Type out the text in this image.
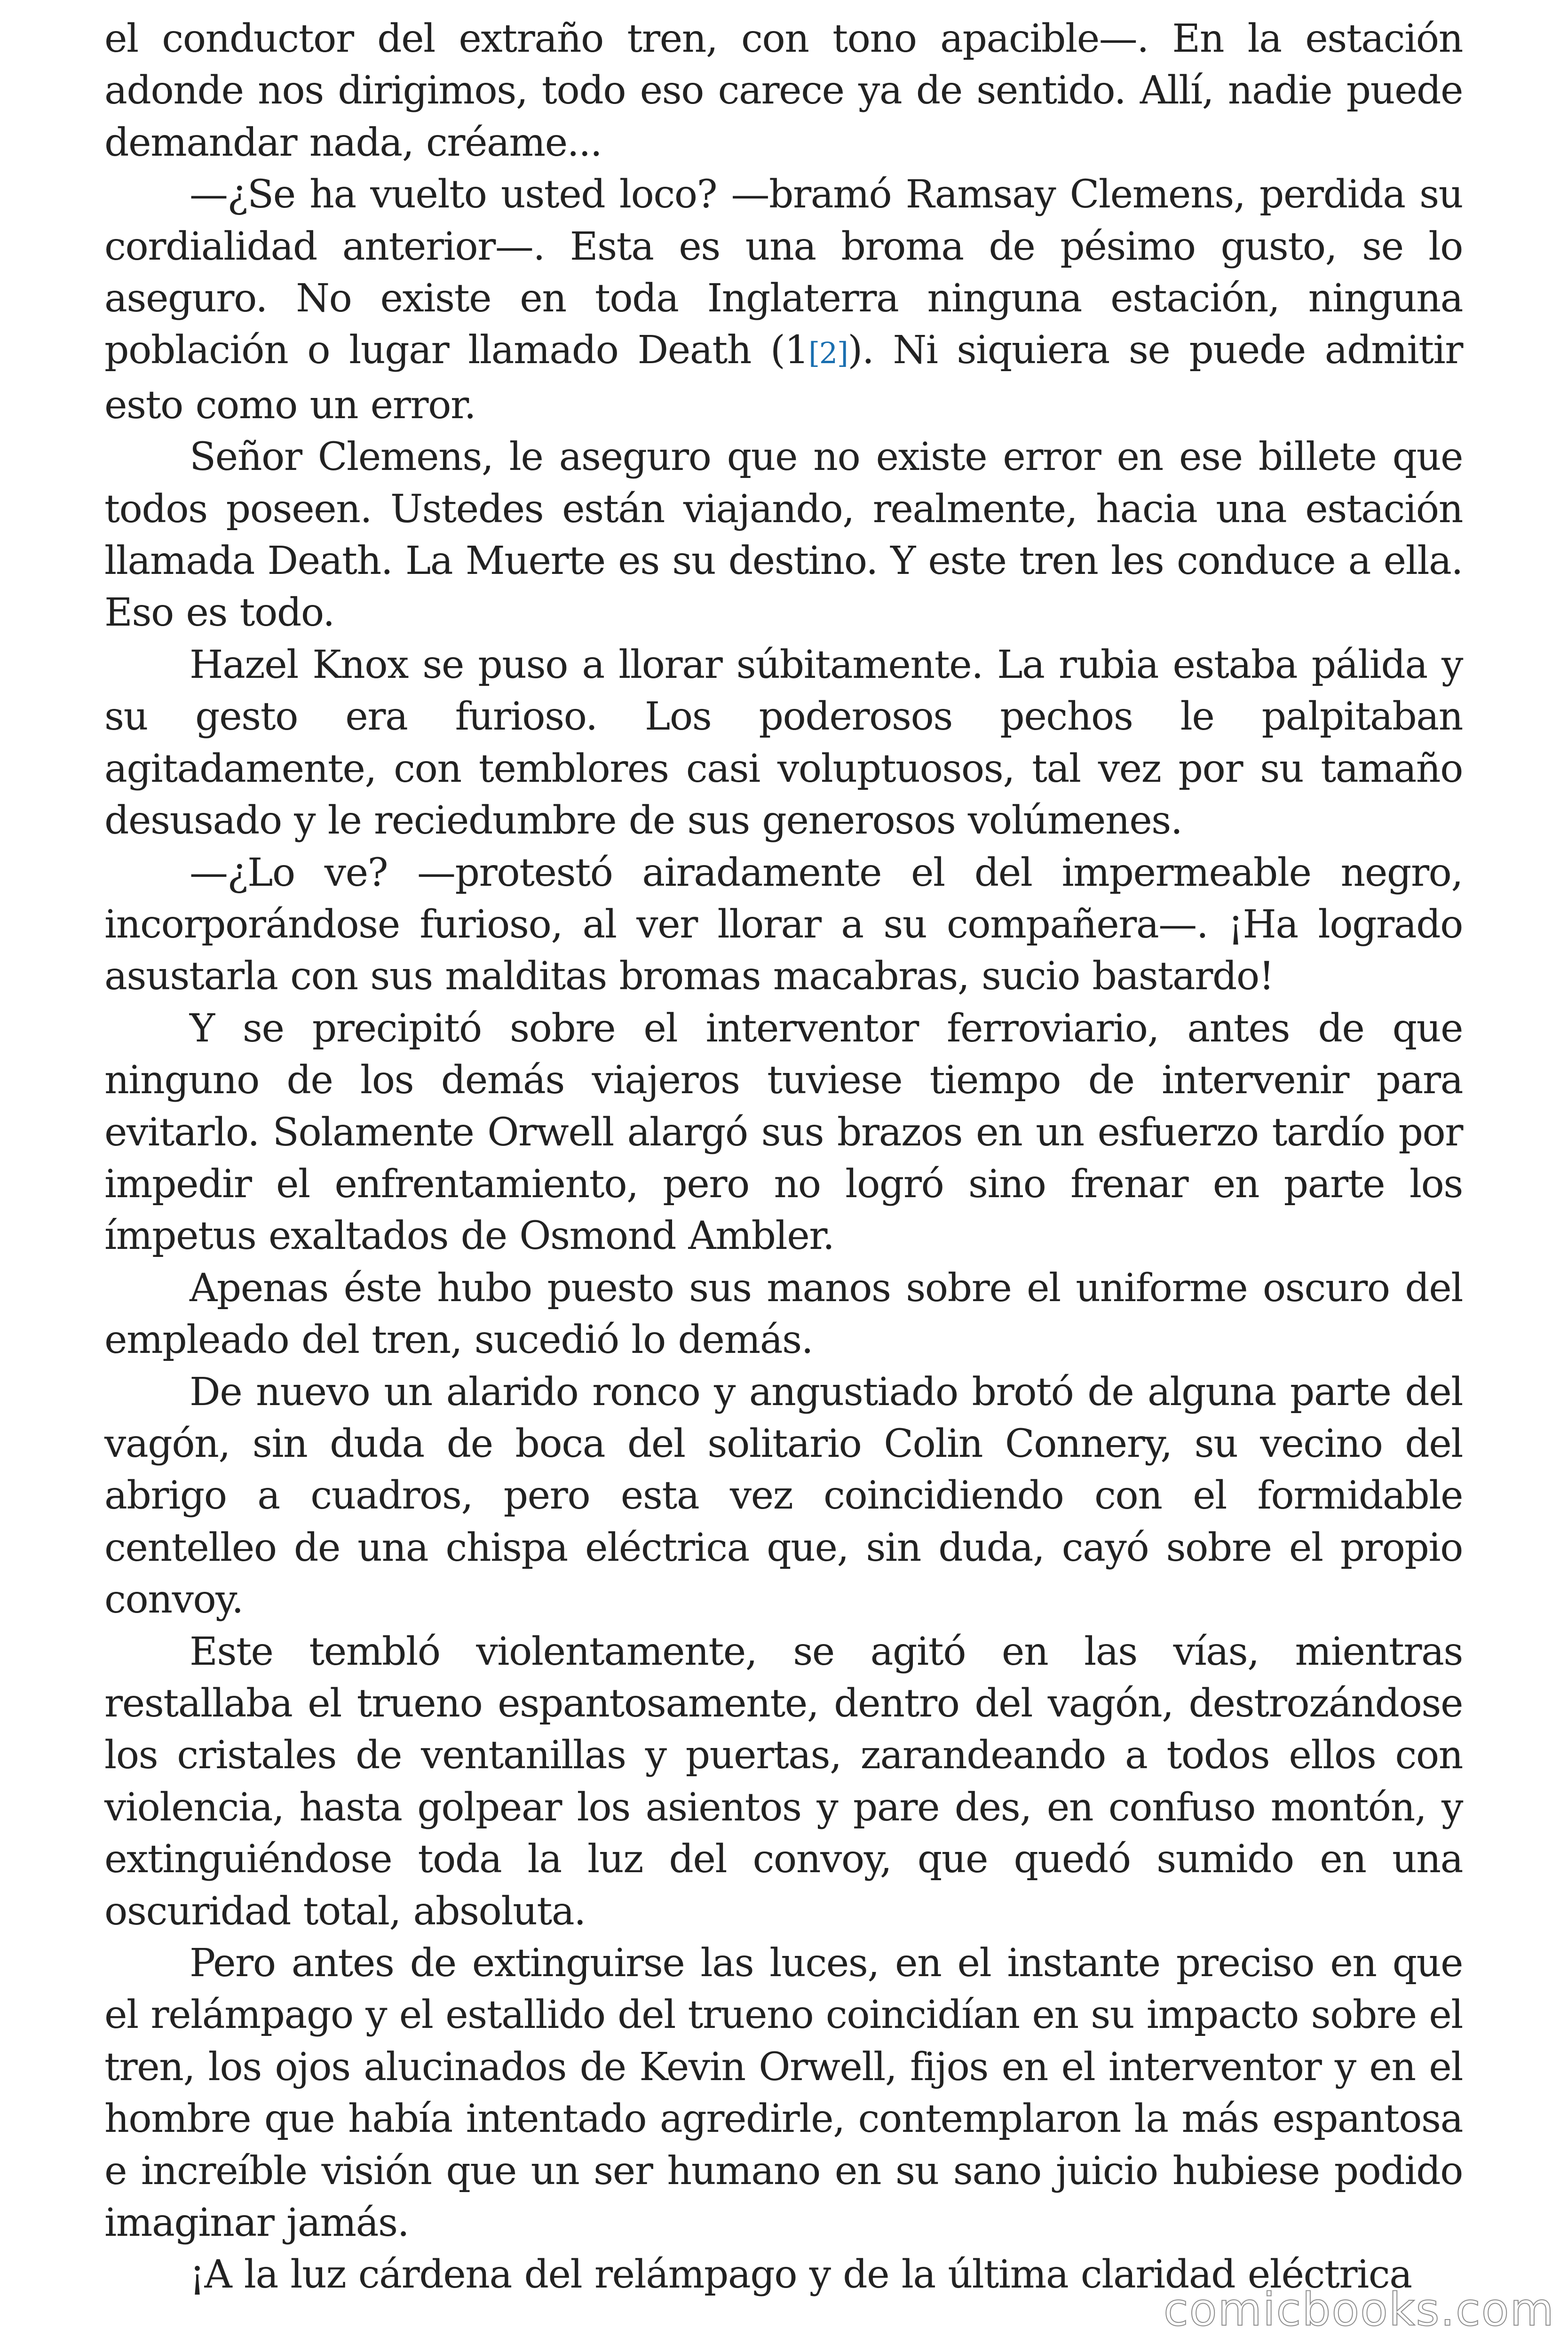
el conductor del extraño tren, con tono apacible—. En la estación adonde nos dirigimos, todo eso carece ya de sentido. Allí, nadie puede demandar nada, créame...

—¿Se ha vuelto usted loco? —bramó Ramsay Clemens, perdida su cordialidad anterior—. Esta es una broma de pésimo gusto, se lo aseguro. No existe en toda Inglaterra ninguna estación, ninguna población o lugar llamado Death (1[2]). Ni siquiera se puede admitir esto como un error.

Señor Clemens, le aseguro que no existe error en ese billete que todos poseen. Ustedes están viajando, realmente, hacia una estación llamada Death. La Muerte es su destino. Y este tren les conduce a ella. Eso es todo.

Hazel Knox se puso a llorar súbitamente. La rubia estaba pálida y su gesto era furioso. Los poderosos pechos le palpitaban agitadamente, con temblores casi voluptuosos, tal vez por su tamaño desusado y le reciedumbre de sus generosos volúmenes.

—¿Lo ve? —protestó airadamente el del impermeable negro, incorporándose furioso, al ver llorar a su compañera—. ¡Ha logrado asustarla con sus malditas bromas macabras, sucio bastardo!

Y se precipitó sobre el interventor ferroviario, antes de que ninguno de los demás viajeros tuviese tiempo de intervenir para evitarlo. Solamente Orwell alargó sus brazos en un esfuerzo tardío por impedir el enfrentamiento, pero no logró sino frenar en parte los ímpetus exaltados de Osmond Ambler.

Apenas éste hubo puesto sus manos sobre el uniforme oscuro del empleado del tren, sucedió lo demás.

De nuevo un alarido ronco y angustiado brotó de alguna parte del vagón, sin duda de boca del solitario Colin Connery, su vecino del abrigo a cuadros, pero esta vez coincidiendo con el formidable centelleo de una chispa eléctrica que, sin duda, cayó sobre el propio convoy.

Este tembló violentamente, se agitó en las vías, mientras restallaba el trueno espantosamente, dentro del vagón, destrozándose los cristales de ventanillas y puertas, zarandeando a todos ellos con violencia, hasta golpear los asientos y pare des, en confuso montón, y extinguiéndose toda la luz del convoy, que quedó sumido en una oscuridad total, absoluta.

Pero antes de extinguirse las luces, en el instante preciso en que el relámpago y el estallido del trueno coincidían en su impacto sobre el tren, los ojos alucinados de Kevin Orwell, fijos en el interventor y en el hombre que había intentado agredirle, contemplaron la más espantosa e increíble visión que un ser humano en su sano juicio hubiese podido imaginar jamás.

¡A la luz cárdena del relámpago y de la última claridad eléctrica

comicbooks.com
